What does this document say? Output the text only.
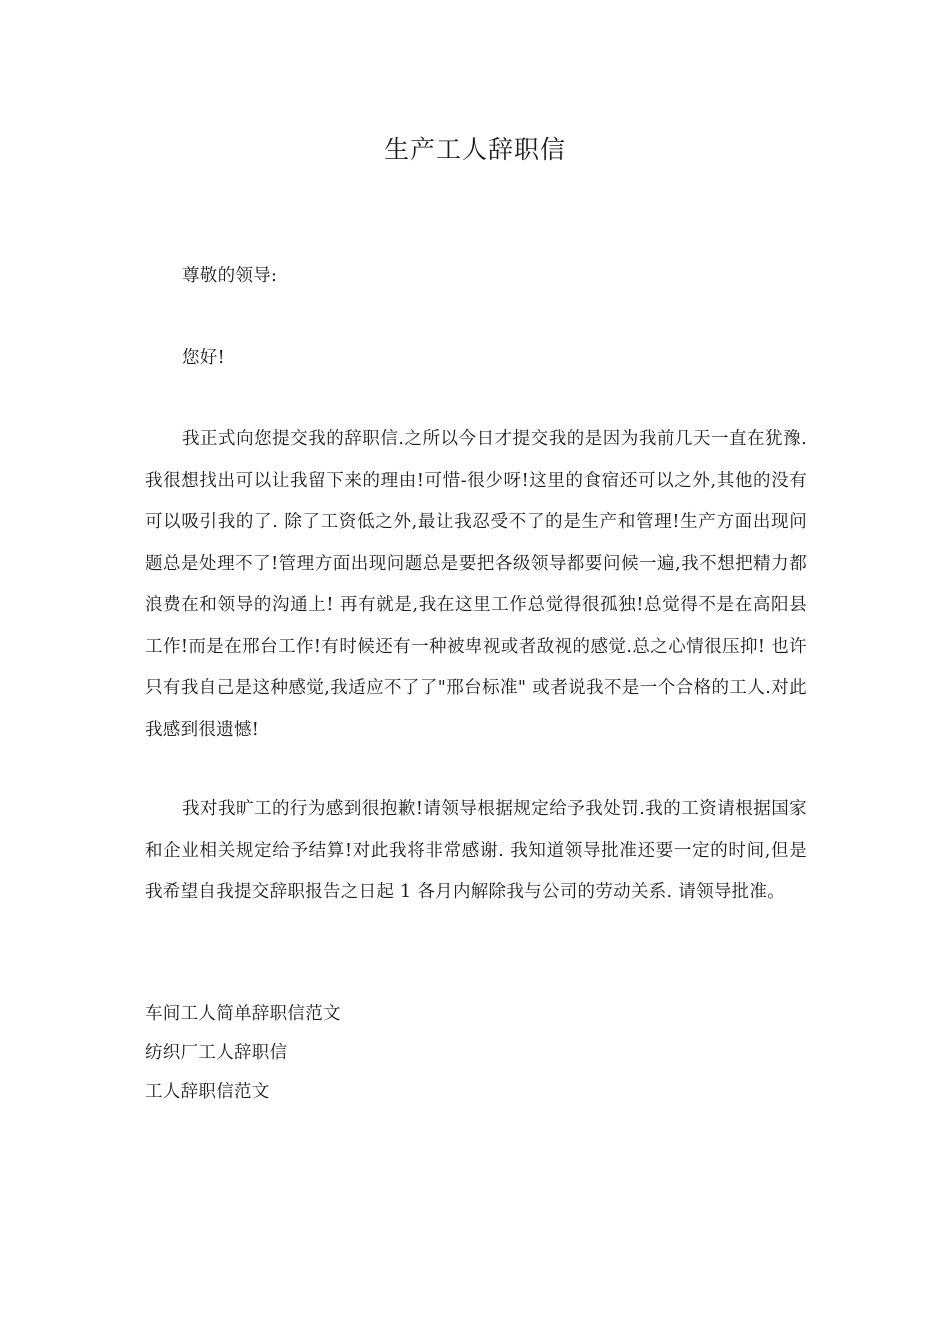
生产工人辞职信

尊敬的领导:

您好!

我正式向您提交我的辞职信.之所以今日才提交我的是因为我前几天一直在犹豫.我很想找出可以让我留下来的理由!可惜-很少呀!这里的食宿还可以之外,其他的没有可以吸引我的了. 除了工资低之外,最让我忍受不了的是生产和管理!生产方面出现问题总是处理不了!管理方面出现问题总是要把各级领导都要问候一遍,我不想把精力都浪费在和领导的沟通上! 再有就是,我在这里工作总觉得很孤独!总觉得不是在高阳县工作!而是在邢台工作!有时候还有一种被卑视或者敌视的感觉.总之心情很压抑! 也许只有我自己是这种感觉,我适应不了了"邢台标准" 或者说我不是一个合格的工人.对此我感到很遗憾!

我对我旷工的行为感到很抱歉!请领导根据规定给予我处罚.我的工资请根据国家和企业相关规定给予结算!对此我将非常感谢. 我知道领导批准还要一定的时间,但是我希望自我提交辞职报告之日起 1 各月内解除我与公司的劳动关系. 请领导批准。

车间工人简单辞职信范文

纺织厂工人辞职信

工人辞职信范文
